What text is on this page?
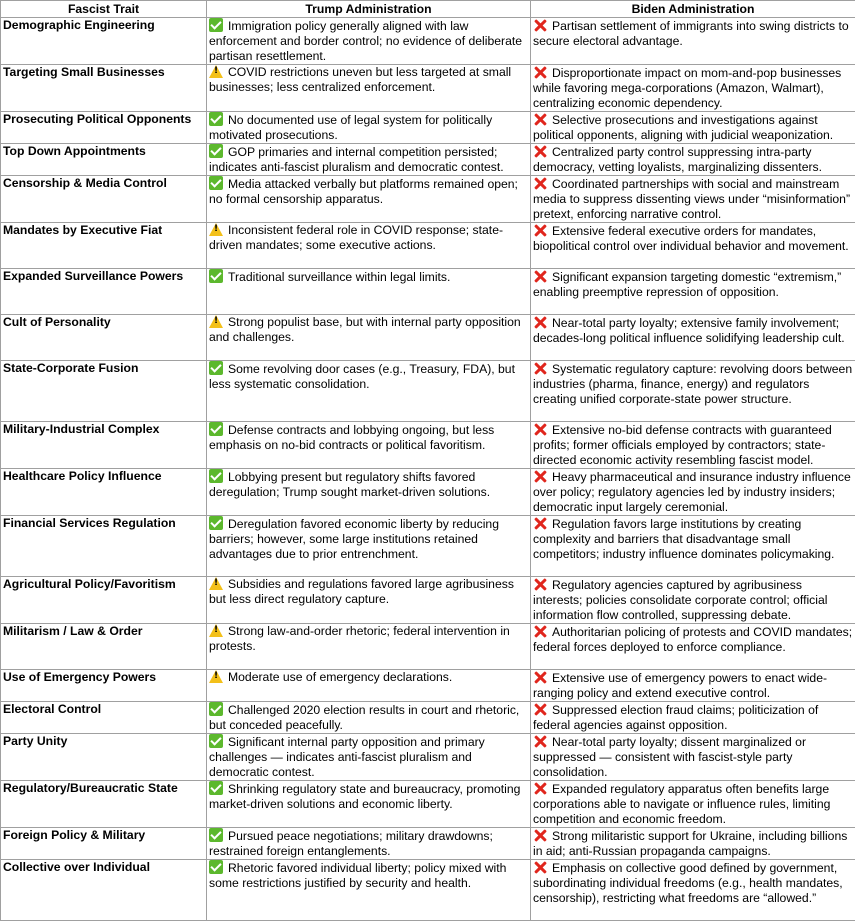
Fascist Trait	Trump Administration	Biden Administration
Demographic Engineering	Immigration policy generally aligned with law enforcement and border control; no evidence of deliberate partisan resettlement.	Partisan settlement of immigrants into swing districts to secure electoral advantage.
Targeting Small Businesses	!COVID restrictions uneven but less targeted at small businesses; less centralized enforcement.	Disproportionate impact on mom-and-pop businesses while favoring mega-corporations (Amazon, Walmart), centralizing economic dependency.
Prosecuting Political Opponents	No documented use of legal system for politically motivated prosecutions.	Selective prosecutions and investigations against political opponents, aligning with judicial weaponization.
Top Down Appointments	GOP primaries and internal competition persisted; indicates anti-fascist pluralism and democratic contest.	Centralized party control suppressing intra-party democracy, vetting loyalists, marginalizing dissenters.
Censorship & Media Control	Media attacked verbally but platforms remained open; no formal censorship apparatus.	Coordinated partnerships with social and mainstream media to suppress dissenting views under “misinformation” pretext, enforcing narrative control.
Mandates by Executive Fiat	!Inconsistent federal role in COVID response; state-driven mandates; some executive actions.	Extensive federal executive orders for mandates, biopolitical control over individual behavior and movement.
Expanded Surveillance Powers	Traditional surveillance within legal limits.	Significant expansion targeting domestic “extremism,” enabling preemptive repression of opposition.
Cult of Personality	!Strong populist base, but with internal party opposition and challenges.	Near-total party loyalty; extensive family involvement; decades-long political influence solidifying leadership cult.
State-Corporate Fusion	Some revolving door cases (e.g., Treasury, FDA), but less systematic consolidation.	Systematic regulatory capture: revolving doors between industries (pharma, finance, energy) and regulators creating unified corporate-state power structure.
Military-Industrial Complex	Defense contracts and lobbying ongoing, but less emphasis on no-bid contracts or political favoritism.	Extensive no-bid defense contracts with guaranteed profits; former officials employed by contractors; state-directed economic activity resembling fascist model.
Healthcare Policy Influence	Lobbying present but regulatory shifts favored deregulation; Trump sought market-driven solutions.	Heavy pharmaceutical and insurance industry influence over policy; regulatory agencies led by industry insiders; democratic input largely ceremonial.
Financial Services Regulation	Deregulation favored economic liberty by reducing barriers; however, some large institutions retained advantages due to prior entrenchment.	Regulation favors large institutions by creating complexity and barriers that disadvantage small competitors; industry influence dominates policymaking.
Agricultural Policy/Favoritism	!Subsidies and regulations favored large agribusiness but less direct regulatory capture.	Regulatory agencies captured by agribusiness interests; policies consolidate corporate control; official information flow controlled, suppressing debate.
Militarism / Law & Order	!Strong law-and-order rhetoric; federal intervention in protests.	Authoritarian policing of protests and COVID mandates; federal forces deployed to enforce compliance.
Use of Emergency Powers	!Moderate use of emergency declarations.	Extensive use of emergency powers to enact wide-ranging policy and extend executive control.
Electoral Control	Challenged 2020 election results in court and rhetoric, but conceded peacefully.	Suppressed election fraud claims; politicization of federal agencies against opposition.
Party Unity	Significant internal party opposition and primary challenges — indicates anti-fascist pluralism and democratic contest.	Near-total party loyalty; dissent marginalized or suppressed — consistent with fascist-style party consolidation.
Regulatory/Bureaucratic State	Shrinking regulatory state and bureaucracy, promoting market-driven solutions and economic liberty.	Expanded regulatory apparatus often benefits large corporations able to navigate or influence rules, limiting competition and economic freedom.
Foreign Policy & Military	Pursued peace negotiations; military drawdowns; restrained foreign entanglements.	Strong militaristic support for Ukraine, including billions in aid; anti-Russian propaganda campaigns.
Collective over Individual	Rhetoric favored individual liberty; policy mixed with some restrictions justified by security and health.	Emphasis on collective good defined by government, subordinating individual freedoms (e.g., health mandates, censorship), restricting what freedoms are “allowed.”
